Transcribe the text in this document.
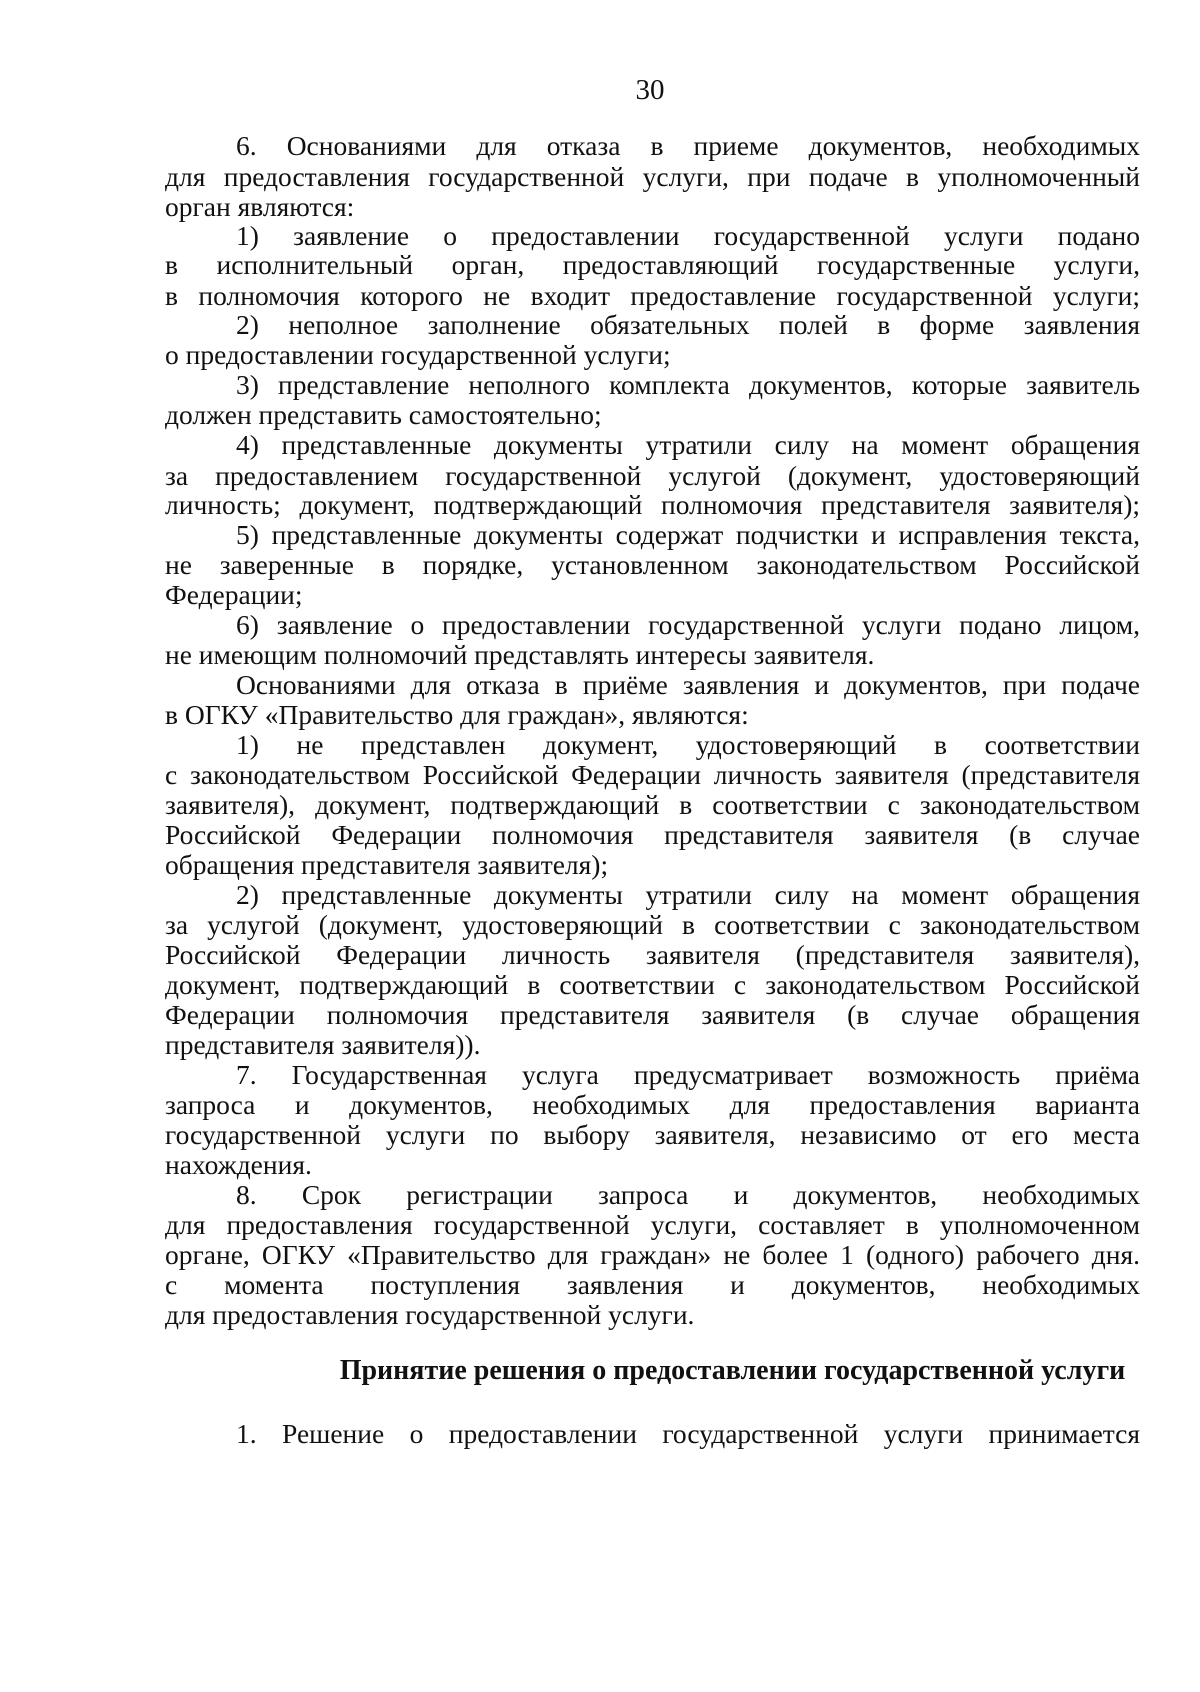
30
6. Основаниями для отказа в приеме документов, необходимых
для предоставления государственной услуги, при подаче в уполномоченный
орган являются:
1) заявление о предоставлении государственной услуги подано
в исполнительный орган, предоставляющий государственные услуги,
в полномочия которого не входит предоставление государственной услуги;
2) неполное заполнение обязательных полей в форме заявления
о предоставлении государственной услуги;
3) представление неполного комплекта документов, которые заявитель
должен представить самостоятельно;
4) представленные документы утратили силу на момент обращения
за предоставлением государственной услугой (документ, удостоверяющий
личность; документ, подтверждающий полномочия представителя заявителя);
5) представленные документы содержат подчистки и исправления текста,
не заверенные в порядке, установленном законодательством Российской
Федерации;
6) заявление о предоставлении государственной услуги подано лицом,
не имеющим полномочий представлять интересы заявителя.
Основаниями для отказа в приёме заявления и документов, при подаче
в ОГКУ «Правительство для граждан», являются:
1) не представлен документ, удостоверяющий в соответствии
с законодательством Российской Федерации личность заявителя (представителя
заявителя), документ, подтверждающий в соответствии с законодательством
Российской Федерации полномочия представителя заявителя (в случае
обращения представителя заявителя);
2) представленные документы утратили силу на момент обращения
за услугой (документ, удостоверяющий в соответствии с законодательством
Российской Федерации личность заявителя (представителя заявителя),
документ, подтверждающий в соответствии с законодательством Российской
Федерации полномочия представителя заявителя (в случае обращения
представителя заявителя)).
7. Государственная услуга предусматривает возможность приёма
запроса и документов, необходимых для предоставления варианта
государственной услуги по выбору заявителя, независимо от его места
нахождения.
8. Срок регистрации запроса и документов, необходимых
для предоставления государственной услуги, составляет в уполномоченном
органе, ОГКУ «Правительство для граждан» не более 1 (одного) рабочего дня.
с момента поступления заявления и документов, необходимых
для предоставления государственной услуги.
Принятие решения о предоставлении государственной услуги
1. Решение о предоставлении государственной услуги принимается
